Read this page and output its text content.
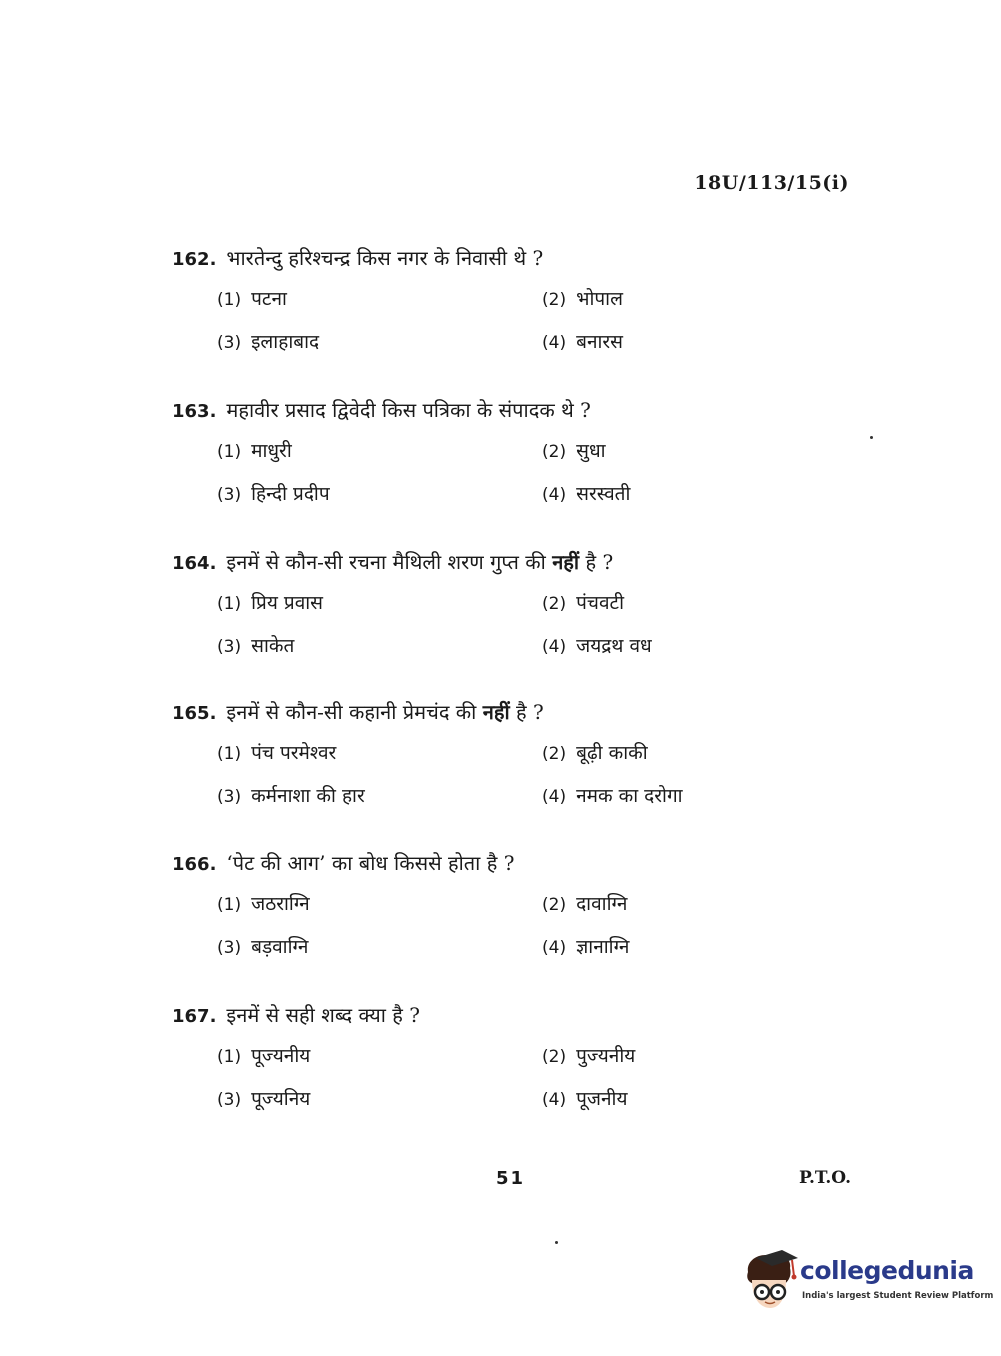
18U/113/15(i)
162. भारतेन्दु हरिश्चन्द्र किस नगर के निवासी थे ?
(1) पटना	(2) भोपाल
(3) इलाहाबाद	(4) बनारस
163. महावीर प्रसाद द्विवेदी किस पत्रिका के संपादक थे ?
(1) माधुरी	(2) सुधा
(3) हिन्दी प्रदीप	(4) सरस्वती
164. इनमें से कौन-सी रचना मैथिली शरण गुप्त की नहीं है ?
(1) प्रिय प्रवास	(2) पंचवटी
(3) साकेत	(4) जयद्रथ वध
165. इनमें से कौन-सी कहानी प्रेमचंद की नहीं है ?
(1) पंच परमेश्वर	(2) बूढ़ी काकी
(3) कर्मनाशा की हार	(4) नमक का दरोगा
166. ‘पेट की आग’ का बोध किससे होता है ?
(1) जठराग्नि	(2) दावाग्नि
(3) बड़वाग्नि	(4) ज्ञानाग्नि
167. इनमें से सही शब्द क्या है ?
(1) पूज्यनीय	(2) पुज्यनीय
(3) पूज्यनिय	(4) पूजनीय
51	P.T.O.
collegedunia
India's largest Student Review Platform
